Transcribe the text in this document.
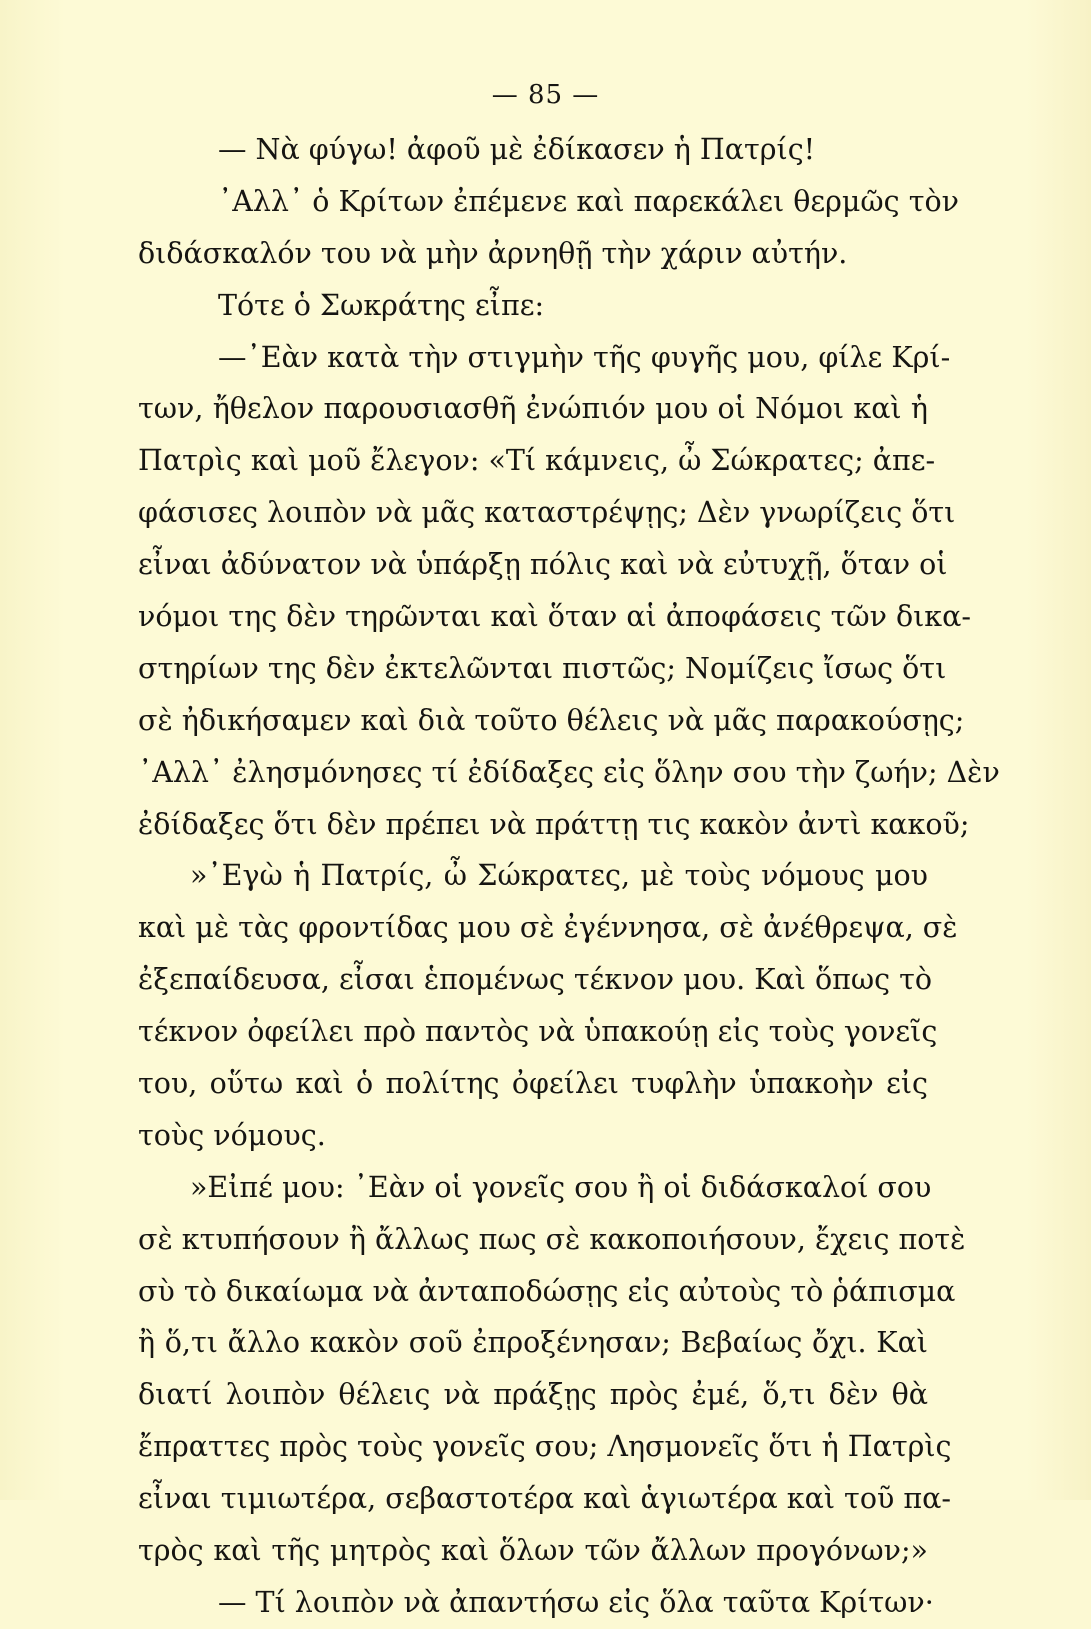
— 85 —
— Νὰ φύγω! ἀφοῦ μὲ ἐδίκασεν ἡ Πατρίς!
᾿Αλλ᾿ ὁ Κρίτων ἐπέμενε καὶ παρεκάλει θερμῶς τὸν
διδάσκαλόν του νὰ μὴν ἀρνηθῇ τὴν χάριν αὐτήν.
Τότε ὁ Σωκράτης εἶπε:
—᾿Εὰν κατὰ τὴν στιγμὴν τῆς φυγῆς μου, φίλε Κρί-
των, ἤθελον παρουσιασθῆ ἐνώπιόν μου οἱ Νόμοι καὶ ἡ
Πατρὶς καὶ μοῦ ἔλεγον: «Τί κάμνεις, ὦ Σώκρατες; ἀπε-
φάσισες λοιπὸν νὰ μᾶς καταστρέψῃς; Δὲν γνωρίζεις ὅτι
εἶναι ἀδύνατον νὰ ὑπάρξῃ πόλις καὶ νὰ εὐτυχῇ, ὅταν οἱ
νόμοι της δὲν τηρῶνται καὶ ὅταν αἱ ἀποφάσεις τῶν δικα-
στηρίων της δὲν ἐκτελῶνται πιστῶς; Νομίζεις ἴσως ὅτι
σὲ ἠδικήσαμεν καὶ διὰ τοῦτο θέλεις νὰ μᾶς παρακούσῃς;
᾿Αλλ᾿ ἐλησμόνησες τί ἐδίδαξες εἰς ὅλην σου τὴν ζωήν; Δὲν
ἐδίδαξες ὅτι δὲν πρέπει νὰ πράττῃ τις κακὸν ἀντὶ κακοῦ;
»᾿Εγὼ ἡ Πατρίς, ὦ Σώκρατες, μὲ τοὺς νόμους μου
καὶ μὲ τὰς φροντίδας μου σὲ ἐγέννησα, σὲ ἀνέθρεψα, σὲ
ἐξεπαίδευσα, εἶσαι ἑπομένως τέκνον μου. Καὶ ὅπως τὸ
τέκνον ὀφείλει πρὸ παντὸς νὰ ὑπακούῃ εἰς τοὺς γονεῖς
του, οὕτω καὶ ὁ πολίτης ὀφείλει τυφλὴν ὑπακοὴν εἰς
τοὺς νόμους.
»Εἰπέ μου: ᾿Εὰν οἱ γονεῖς σου ἢ οἱ διδάσκαλοί σου
σὲ κτυπήσουν ἢ ἄλλως πως σὲ κακοποιήσουν, ἔχεις ποτὲ
σὺ τὸ δικαίωμα νὰ ἀνταποδώσῃς εἰς αὐτοὺς τὸ ῥάπισμα
ἢ ὅ,τι ἄλλο κακὸν σοῦ ἐπροξένησαν; Βεβαίως ὄχι. Καὶ
διατί λοιπὸν θέλεις νὰ πράξῃς πρὸς ἐμέ, ὅ,τι δὲν θὰ
ἔπραττες πρὸς τοὺς γονεῖς σου; Λησμονεῖς ὅτι ἡ Πατρὶς
εἶναι τιμιωτέρα, σεβαστοτέρα καὶ ἁγιωτέρα καὶ τοῦ πα-
τρὸς καὶ τῆς μητρὸς καὶ ὅλων τῶν ἄλλων προγόνων;»
— Τί λοιπὸν νὰ ἀπαντήσω εἰς ὅλα ταῦτα Κρίτων·
